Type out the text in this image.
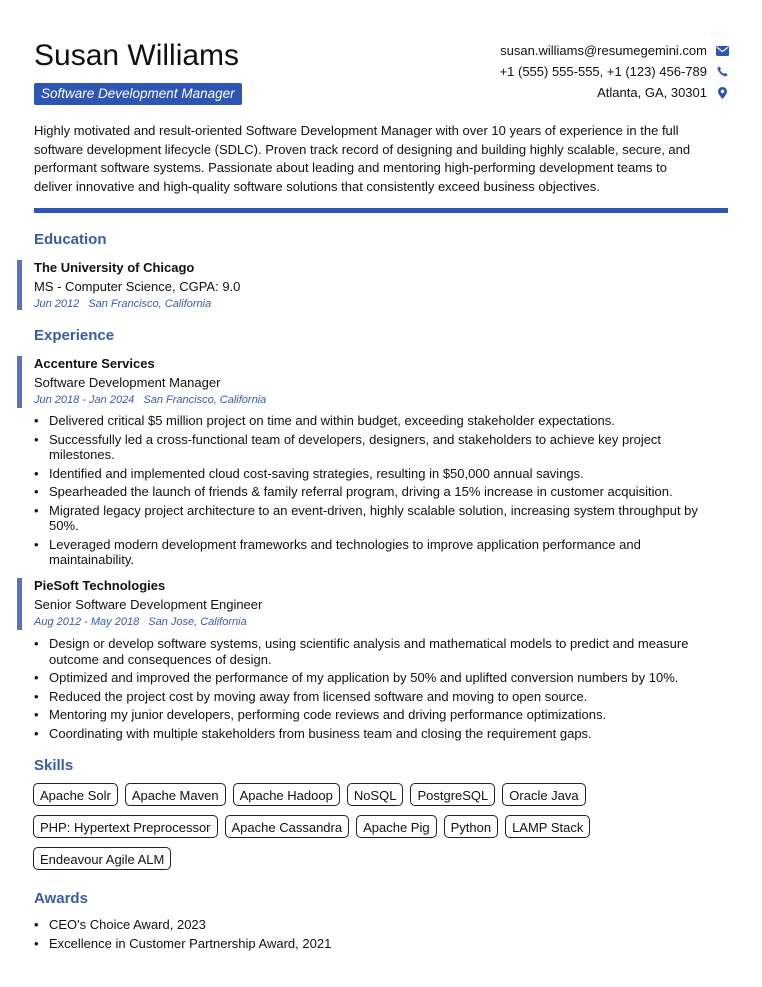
Susan Williams
Software Development Manager
susan.williams@resumegemini.com
+1 (555) 555-555, +1 (123) 456-789
Atlanta, GA, 30301

Highly motivated and result-oriented Software Development Manager with over 10 years of experience in the full software development lifecycle (SDLC). Proven track record of designing and building highly scalable, secure, and performant software systems. Passionate about leading and mentoring high-performing development teams to deliver innovative and high-quality software solutions that consistently exceed business objectives.

Education
The University of Chicago
MS - Computer Science, CGPA: 9.0
Jun 2012 San Francisco, California
Experience
Accenture Services
Software Development Manager
Jun 2018 - Jan 2024 San Francisco, California
• Delivered critical $5 million project on time and within budget, exceeding stakeholder expectations.
• Successfully led a cross-functional team of developers, designers, and stakeholders to achieve key project milestones.
• Identified and implemented cloud cost-saving strategies, resulting in $50,000 annual savings.
• Spearheaded the launch of friends & family referral program, driving a 15% increase in customer acquisition.
• Migrated legacy project architecture to an event-driven, highly scalable solution, increasing system throughput by 50%.
• Leveraged modern development frameworks and technologies to improve application performance and maintainability.
PieSoft Technologies
Senior Software Development Engineer
Aug 2012 - May 2018 San Jose, California
• Design or develop software systems, using scientific analysis and mathematical models to predict and measure outcome and consequences of design.
• Optimized and improved the performance of my application by 50% and uplifted conversion numbers by 10%.
• Reduced the project cost by moving away from licensed software and moving to open source.
• Mentoring my junior developers, performing code reviews and driving performance optimizations.
• Coordinating with multiple stakeholders from business team and closing the requirement gaps.
Skills
Apache Solr Apache Maven Apache Hadoop NoSQL PostgreSQL Oracle Java
PHP: Hypertext Preprocessor Apache Cassandra Apache Pig Python LAMP Stack
Endeavour Agile ALM
Awards
• CEO's Choice Award, 2023
• Excellence in Customer Partnership Award, 2021
